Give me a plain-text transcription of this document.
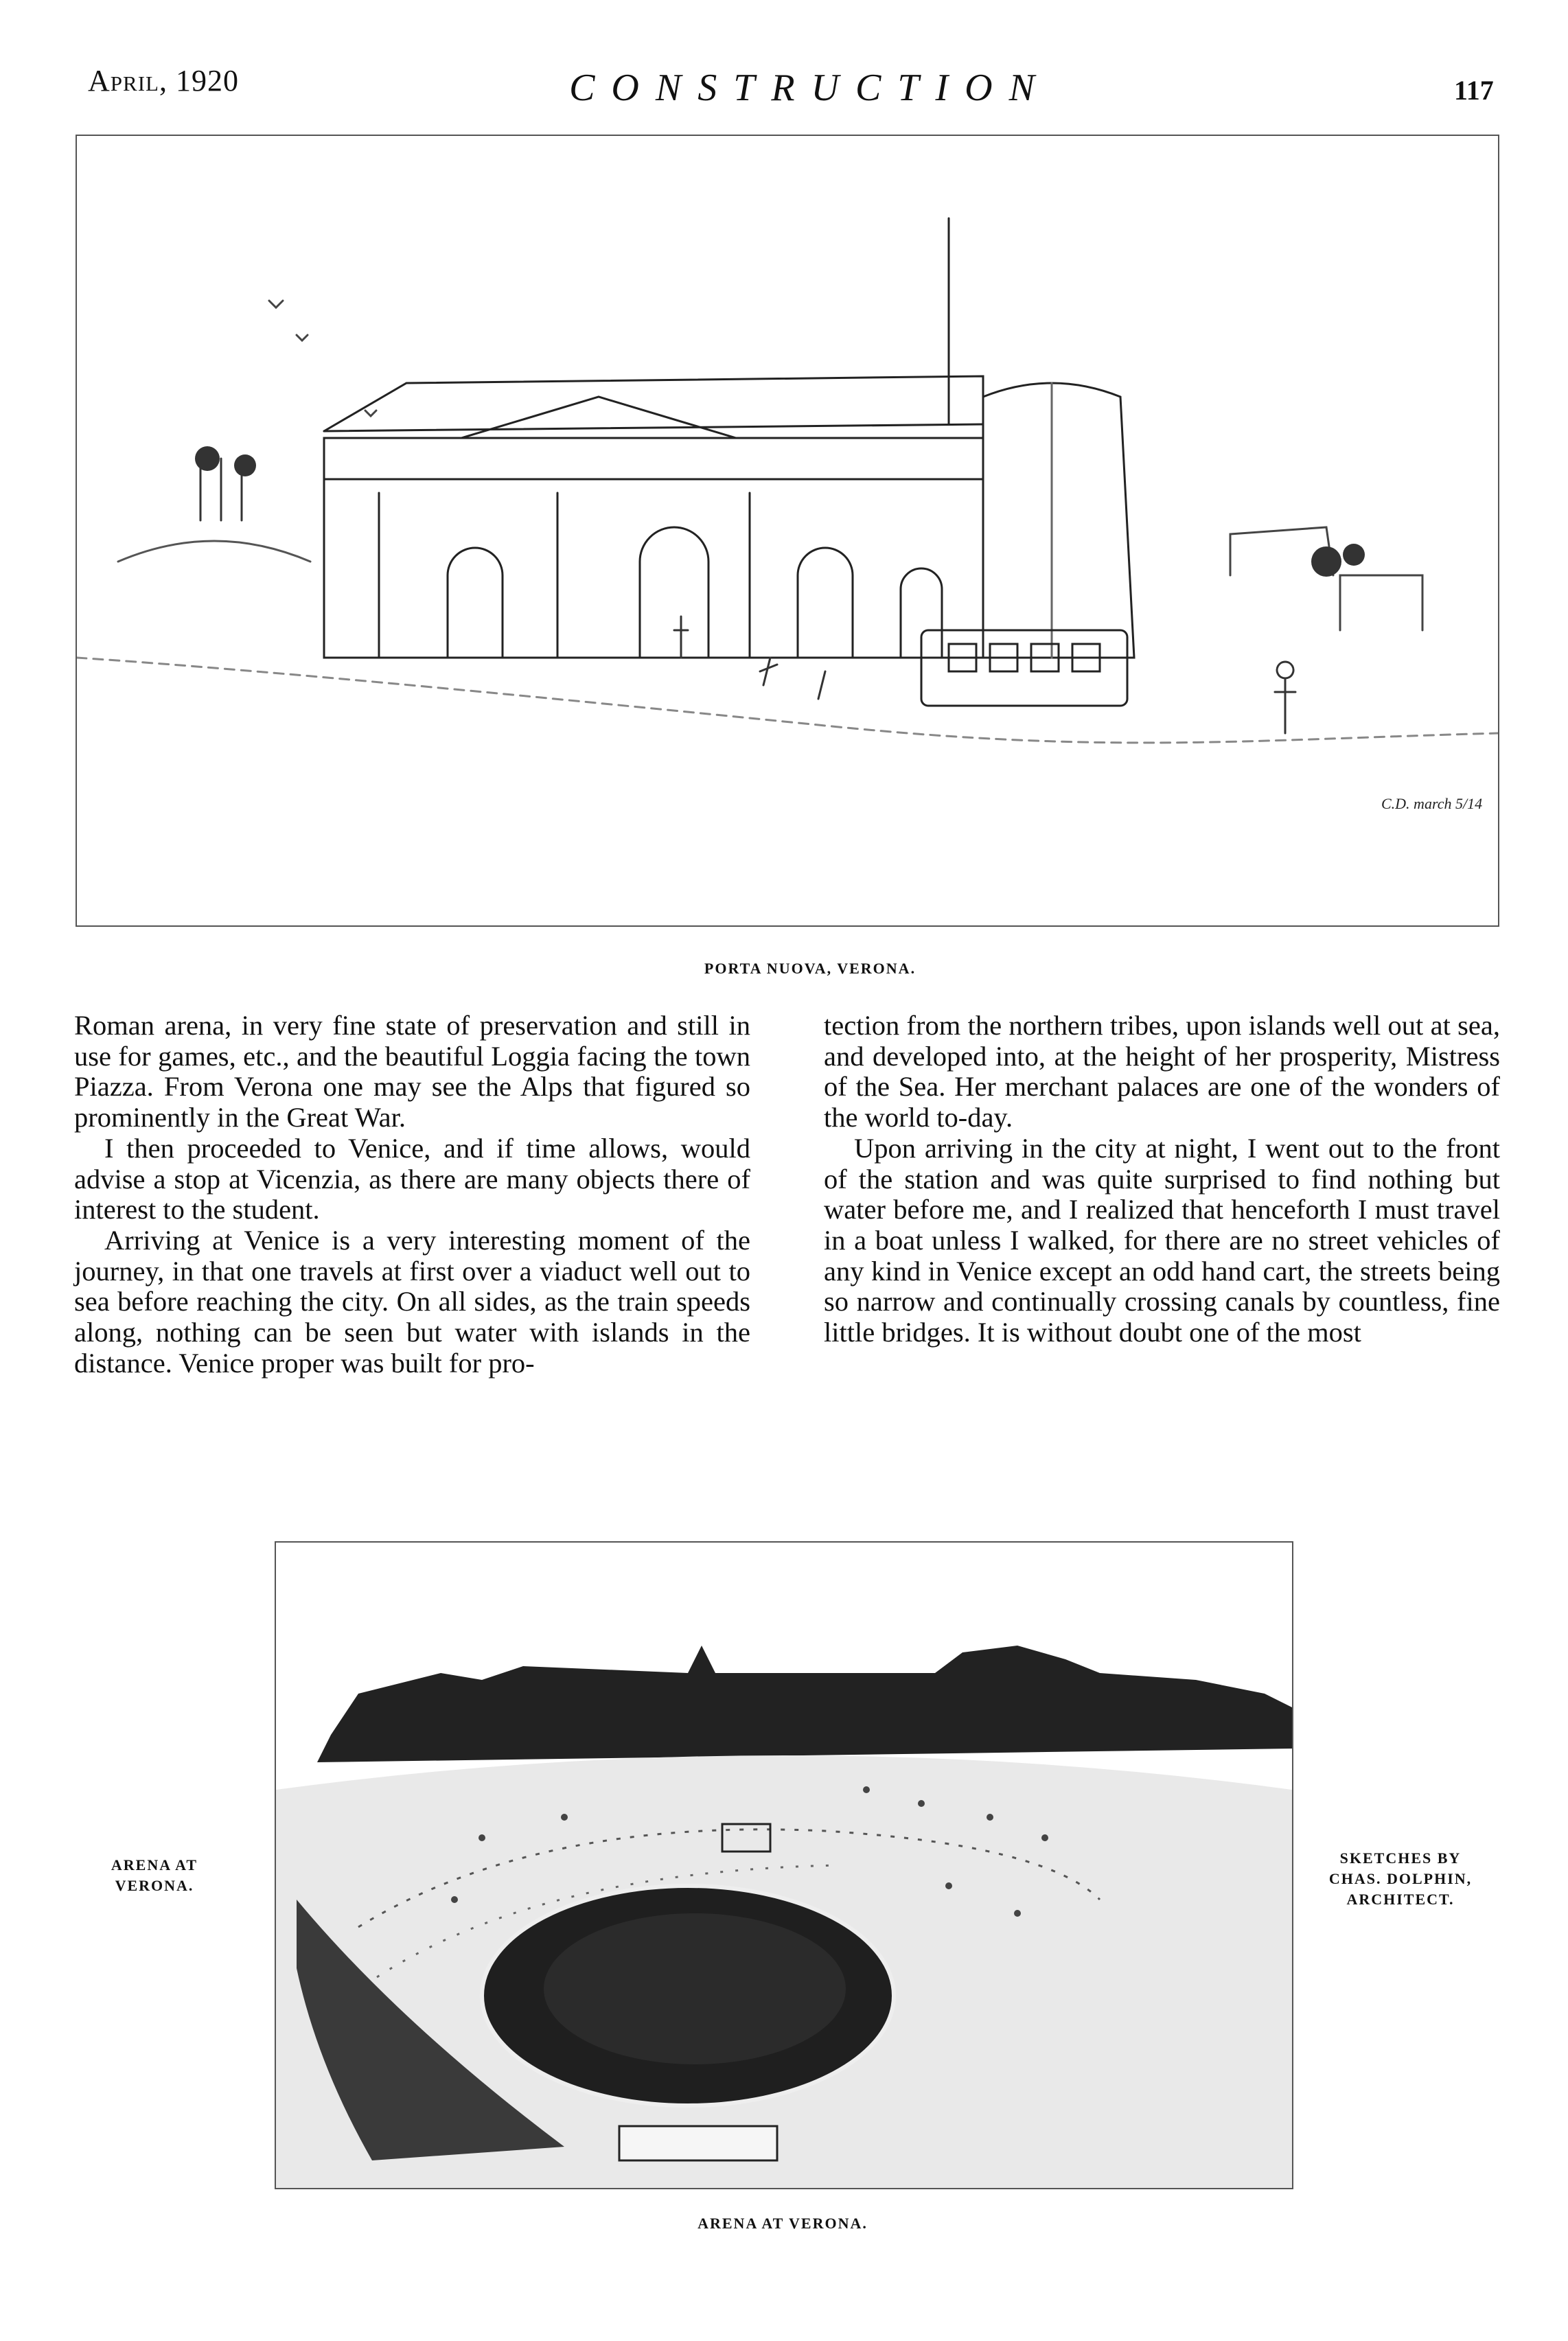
April, 1920	CONSTRUCTION	117
C.D. march 5/14
PORTA NUOVA, VERONA.

Roman arena, in very fine state of preservation and still in use for games, etc., and the beautiful Loggia facing the town Piazza. From Verona one may see the Alps that figured so prominently in the Great War.

I then proceeded to Venice, and if time allows, would advise a stop at Vicenzia, as there are many objects there of interest to the student.

Arriving at Venice is a very interesting moment of the journey, in that one travels at first over a viaduct well out to sea before reaching the city. On all sides, as the train speeds along, nothing can be seen but water with islands in the distance. Venice proper was built for pro-

tection from the northern tribes, upon islands well out at sea, and developed into, at the height of her prosperity, Mistress of the Sea. Her merchant palaces are one of the wonders of the world to-day.

Upon arriving in the city at night, I went out to the front of the station and was quite surprised to find nothing but water before me, and I realized that henceforth I must travel in a boat unless I walked, for there are no street vehicles of any kind in Venice except an odd hand cart, the streets being so narrow and continually crossing canals by countless, fine little bridges. It is without doubt one of the most

ARENA AT VERONA.
SKETCHES BY
CHAS. DOLPHIN,
ARCHITECT.
ARENA AT VERONA.
